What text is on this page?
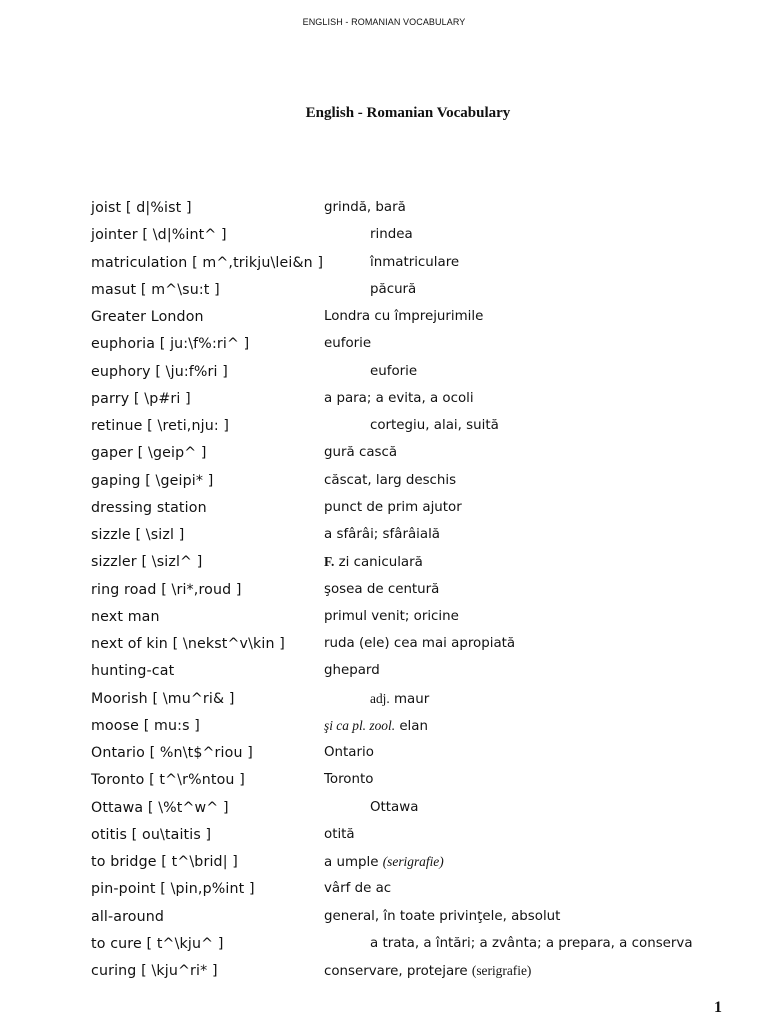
ENGLISH - ROMANIAN VOCABULARY
English - Romanian Vocabulary
joist [ d|%ist ]	grindă, bară
jointer [ \d|%int^ ]	rindea
matriculation [ m^,trikju\lei&n ]	înmatriculare
masut [ m^\su:t ]	păcură
Greater London	Londra cu împrejurimile
euphoria [ ju:\f%:ri^ ]	euforie
euphory [ \ju:f%ri ]	euforie
parry [ \p#ri ]	a para; a evita, a ocoli
retinue [ \reti,nju: ]	cortegiu, alai, suită
gaper [ \geip^ ]	gură cască
gaping [ \geipi* ]	căscat, larg deschis
dressing station	punct de prim ajutor
sizzle [ \sizl ]	a sfârâi; sfârâială
sizzler [ \sizl^ ]	F. zi caniculară
ring road [ \ri*,roud ]	şosea de centură
next man	primul venit; oricine
next of kin [ \nekst^v\kin ]	ruda (ele) cea mai apropiată
hunting-cat	ghepard
Moorish [ \mu^ri& ]	adj. maur
moose [ mu:s ]	şi ca pl. zool. elan
Ontario [ %n\t$^riou ]	Ontario
Toronto [ t^\r%ntou ]	Toronto
Ottawa [ \%t^w^ ]	Ottawa
otitis [ ou\taitis ]	otită
to bridge [ t^\brid| ]	a umple (serigrafie)
pin-point [ \pin,p%int ]	vârf de ac
all-around	general, în toate privinţele, absolut
to cure [ t^\kju^ ]	a trata, a întări; a zvânta; a prepara, a conserva
curing [ \kju^ri* ]	conservare, protejare (serigrafie)
1
